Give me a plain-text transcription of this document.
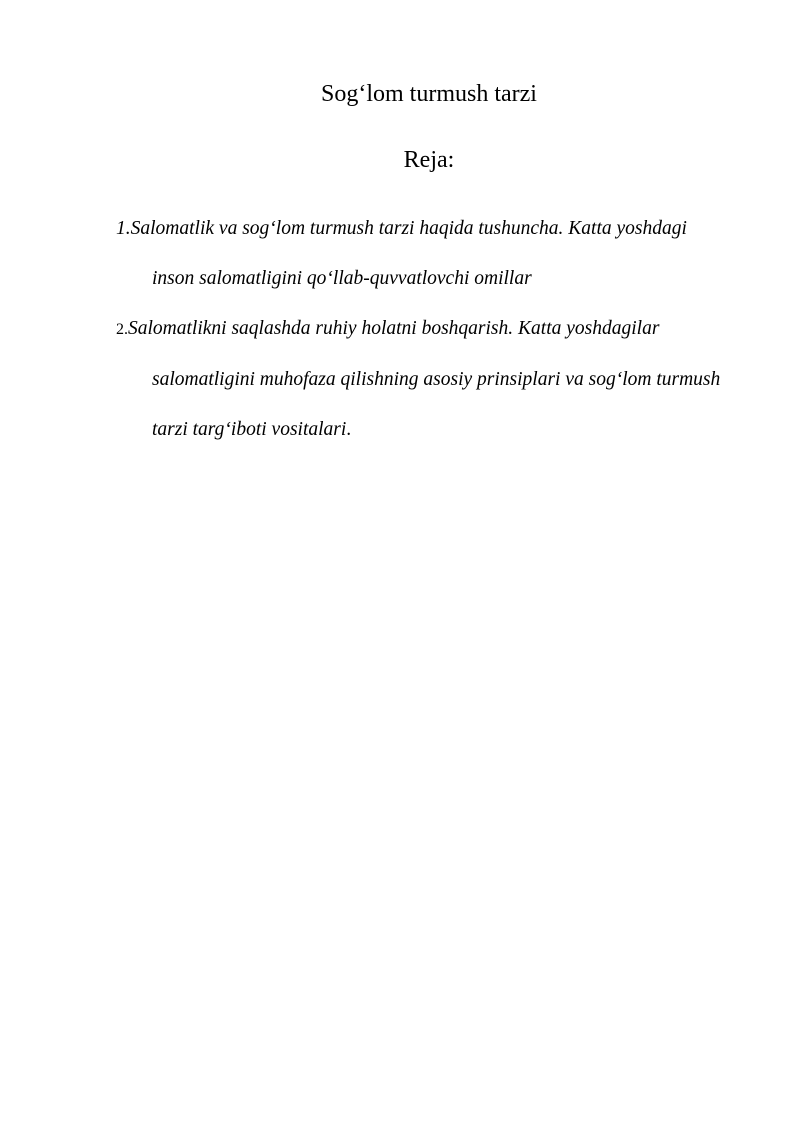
Sog‘lom turmush tarzi
Reja:
1.Salomatlik va sog‘lom turmush tarzi haqida tushuncha. Katta yoshdagi inson salomatligini qo‘llab-quvvatlovchi omillar
2.Salomatlikni saqlashda ruhiy holatni boshqarish. Katta yoshdagilar salomatligini muhofaza qilishning asosiy prinsiplari va sog‘lom turmush tarzi targ‘iboti vositalari.
